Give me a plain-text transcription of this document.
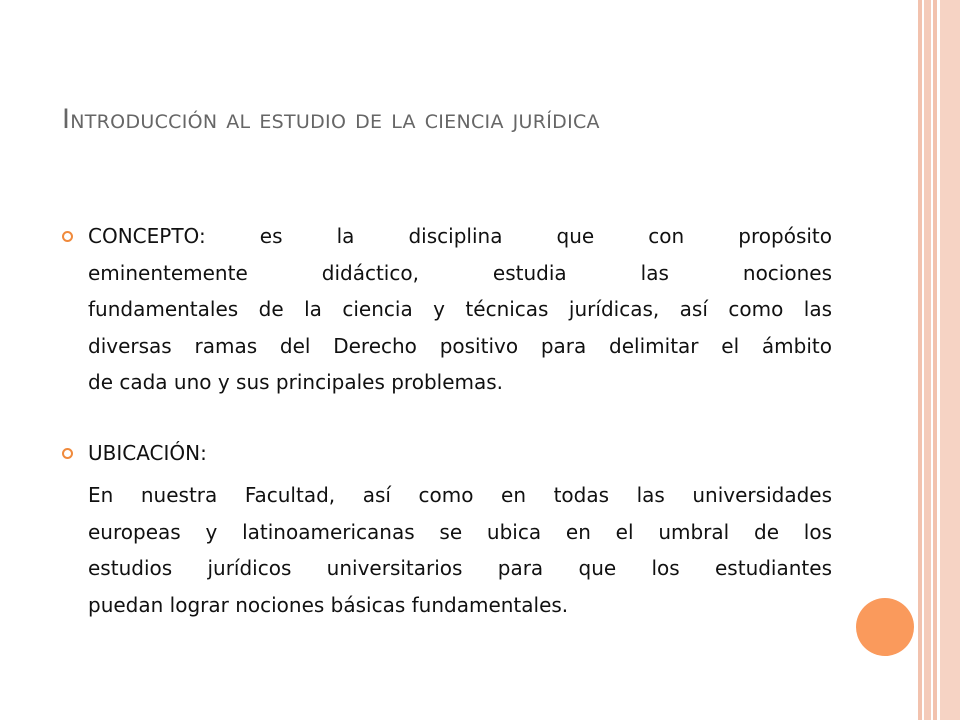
Introducción al estudio de la ciencia jurídica
CONCEPTO: es la disciplina que con propósito
eminentemente didáctico, estudia las nociones
fundamentales de la ciencia y técnicas jurídicas, así como las
diversas ramas del Derecho positivo para delimitar el ámbito
de cada uno y sus principales problemas.
UBICACIÓN:
En nuestra Facultad, así como en todas las universidades
europeas y latinoamericanas se ubica en el umbral de los
estudios jurídicos universitarios para que los estudiantes
puedan lograr nociones básicas fundamentales.
